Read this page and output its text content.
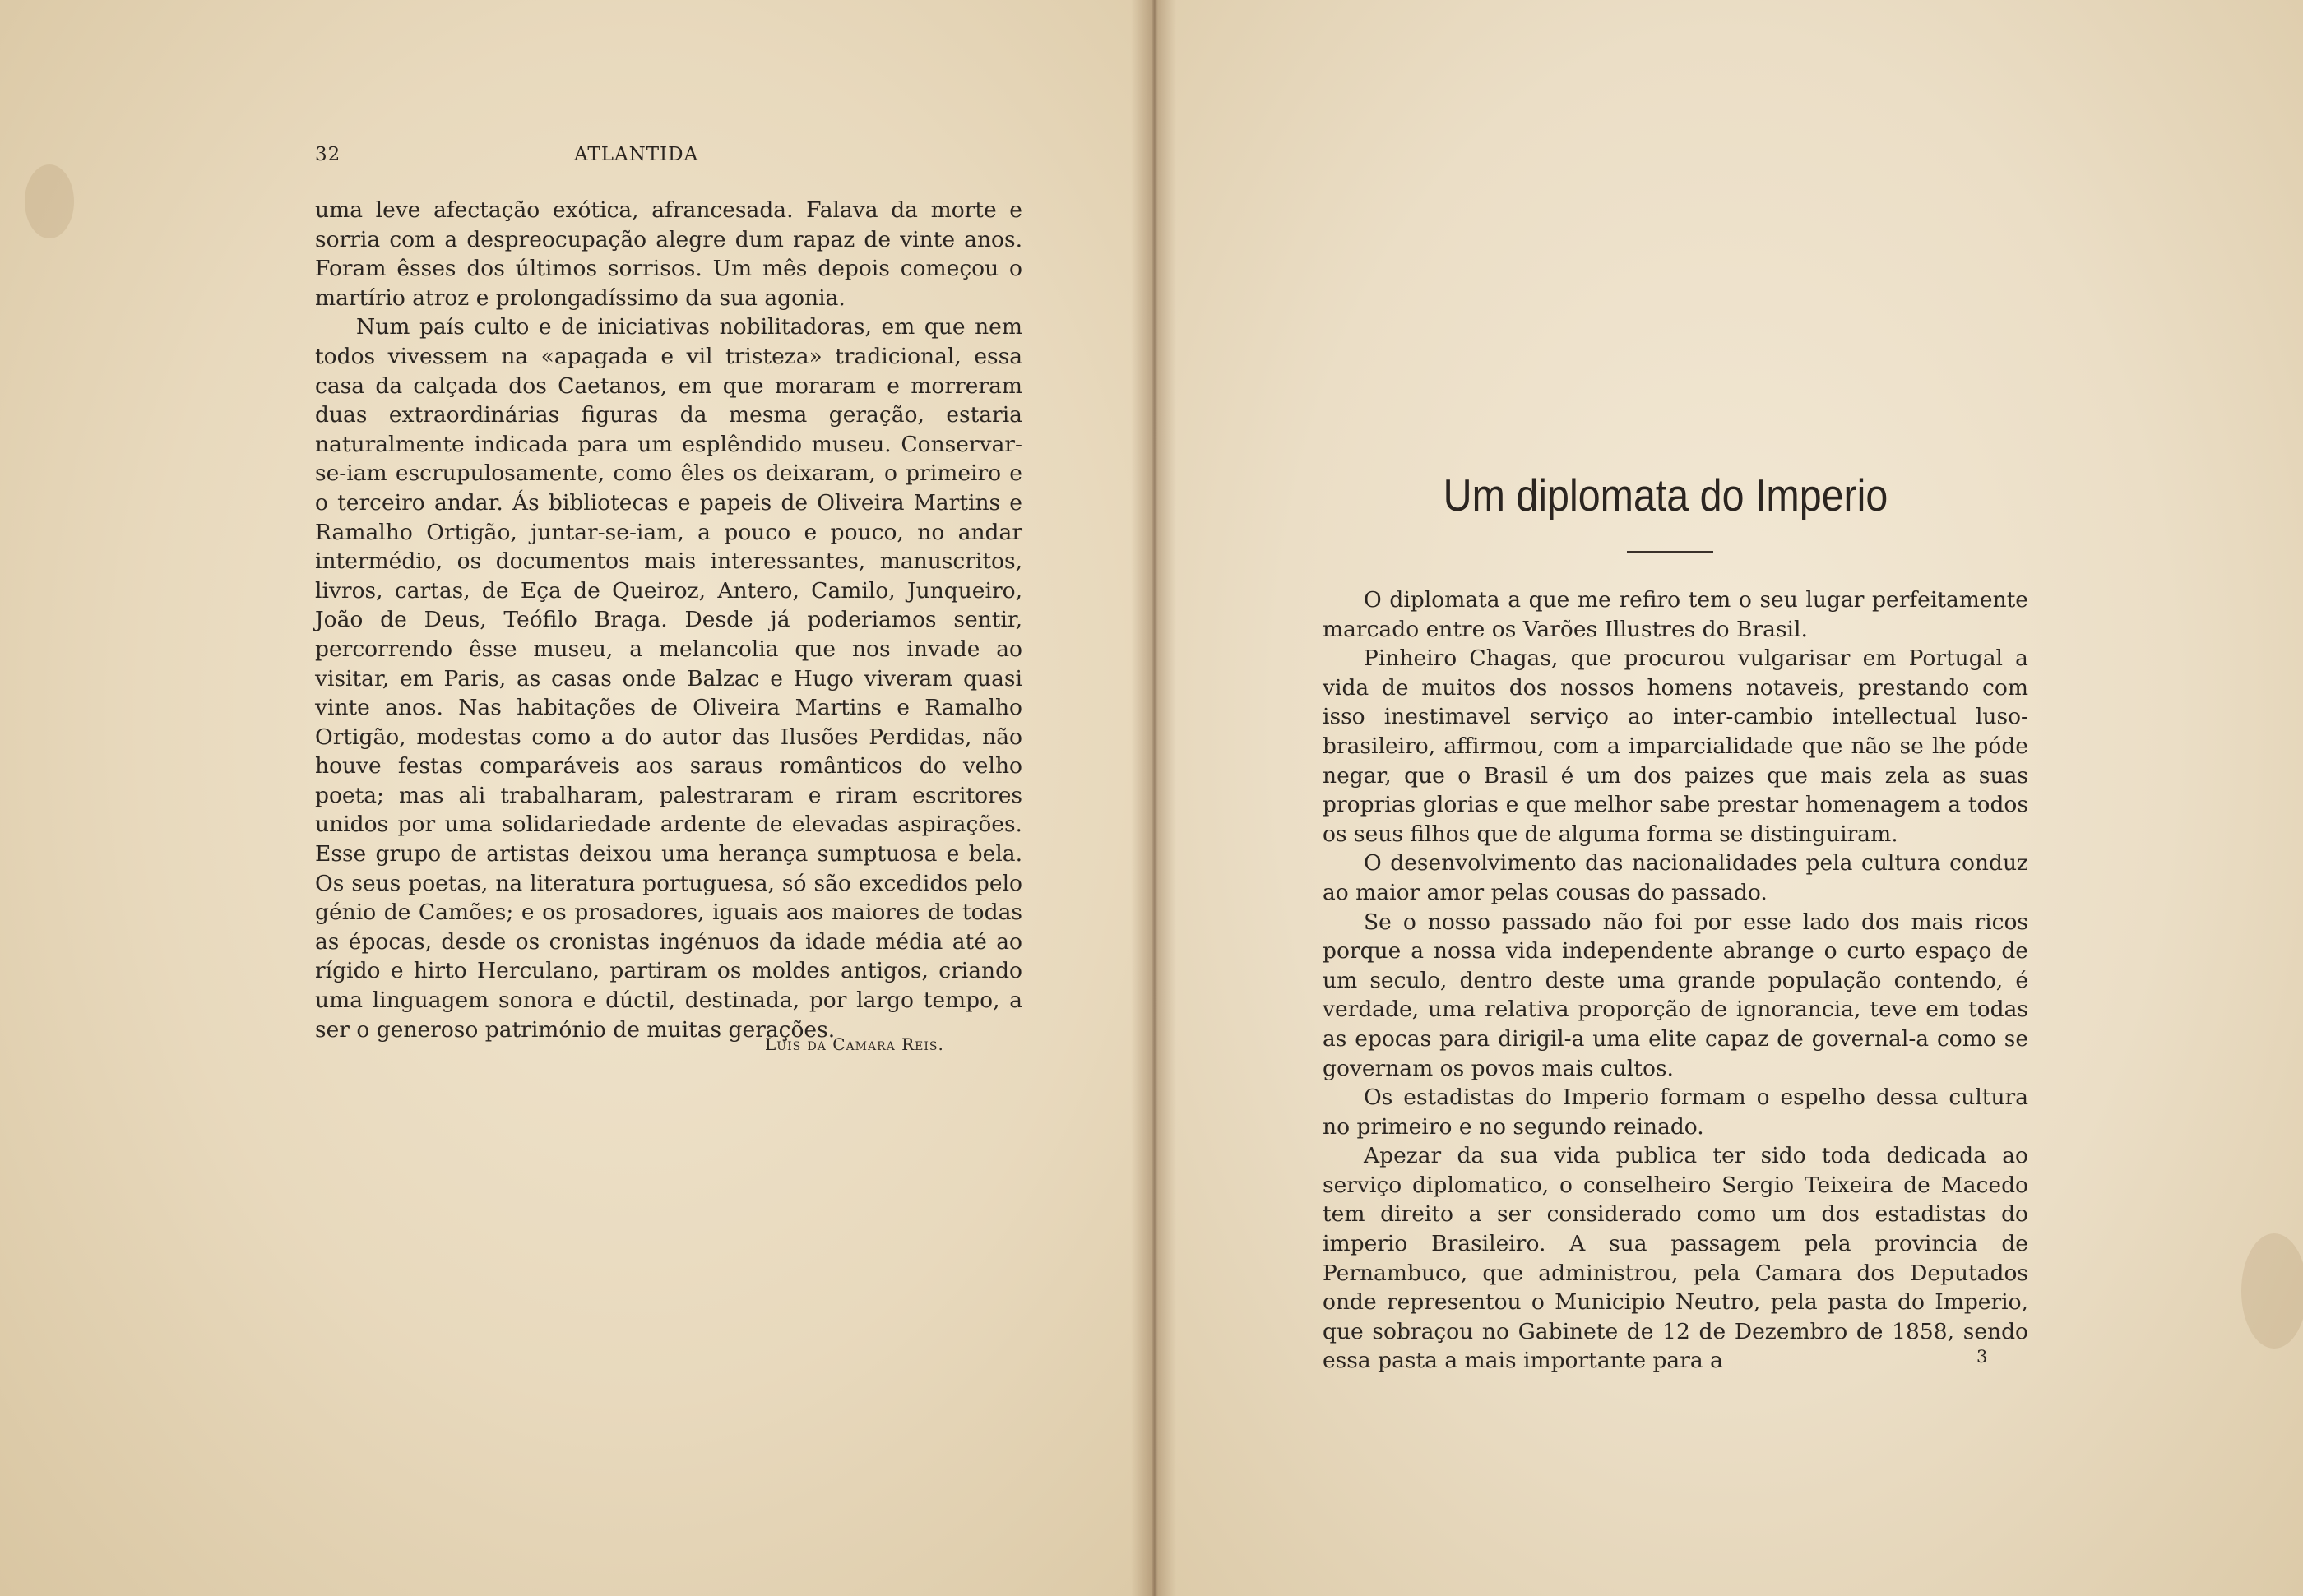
32	ATLANTIDA

uma leve afectação exótica, afrancesada. Falava da morte e sorria com a despreocupação alegre dum rapaz de vinte anos. Foram êsses dos últimos sorrisos. Um mês depois começou o martírio atroz e prolongadíssimo da sua agonia.

Num país culto e de iniciativas nobilitadoras, em que nem todos vivessem na «apagada e vil tristeza» tradicional, essa casa da calçada dos Caetanos, em que moraram e morreram duas extraordinárias figuras da mesma geração, estaria naturalmente indicada para um esplêndido museu. Conservar-se-iam escrupulosamente, como êles os deixaram, o primeiro e o terceiro andar. Ás bibliotecas e papeis de Oliveira Martins e Ramalho Ortigão, juntar-se-iam, a pouco e pouco, no andar intermédio, os documentos mais interessantes, manuscritos, livros, cartas, de Eça de Queiroz, Antero, Camilo, Junqueiro, João de Deus, Teófilo Braga. Desde já poderiamos sentir, percorrendo êsse museu, a melancolia que nos invade ao visitar, em Paris, as casas onde Balzac e Hugo viveram quasi vinte anos. Nas habitações de Oliveira Martins e Ramalho Ortigão, modestas como a do autor das Ilusões Perdidas, não houve festas comparáveis aos saraus românticos do velho poeta; mas ali trabalharam, palestraram e riram escritores unidos por uma solidariedade ardente de elevadas aspirações. Esse grupo de artistas deixou uma herança sumptuosa e bela. Os seus poetas, na literatura portuguesa, só são excedidos pelo génio de Camões; e os prosadores, iguais aos maiores de todas as épocas, desde os cronistas ingénuos da idade média até ao rígido e hirto Herculano, partiram os moldes antigos, criando uma linguagem sonora e dúctil, destinada, por largo tempo, a ser o generoso património de muitas gerações.

Luis da Camara Reis.
Um diplomata do Imperio

O diplomata a que me refiro tem o seu lugar perfeitamente marcado entre os Varões Illustres do Brasil.

Pinheiro Chagas, que procurou vulgarisar em Portugal a vida de muitos dos nossos homens notaveis, prestando com isso inestimavel serviço ao inter-cambio intellectual luso-brasileiro, affirmou, com a imparcialidade que não se lhe póde negar, que o Brasil é um dos paizes que mais zela as suas proprias glorias e que melhor sabe prestar homenagem a todos os seus filhos que de alguma forma se distinguiram.

O desenvolvimento das nacionalidades pela cultura conduz ao maior amor pelas cousas do passado.

Se o nosso passado não foi por esse lado dos mais ricos porque a nossa vida independente abrange o curto espaço de um seculo, dentro deste uma grande população contendo, é verdade, uma relativa proporção de ignorancia, teve em todas as epocas para dirigil-a uma elite capaz de governal-a como se governam os povos mais cultos.

Os estadistas do Imperio formam o espelho dessa cultura no primeiro e no segundo reinado.

Apezar da sua vida publica ter sido toda dedicada ao serviço diplomatico, o conselheiro Sergio Teixeira de Macedo tem direito a ser considerado como um dos estadistas do imperio Brasileiro. A sua passagem pela provincia de Pernambuco, que administrou, pela Camara dos Deputados onde representou o Municipio Neutro, pela pasta do Imperio, que sobraçou no Gabinete de 12 de Dezembro de 1858, sendo essa pasta a mais importante para a	3
